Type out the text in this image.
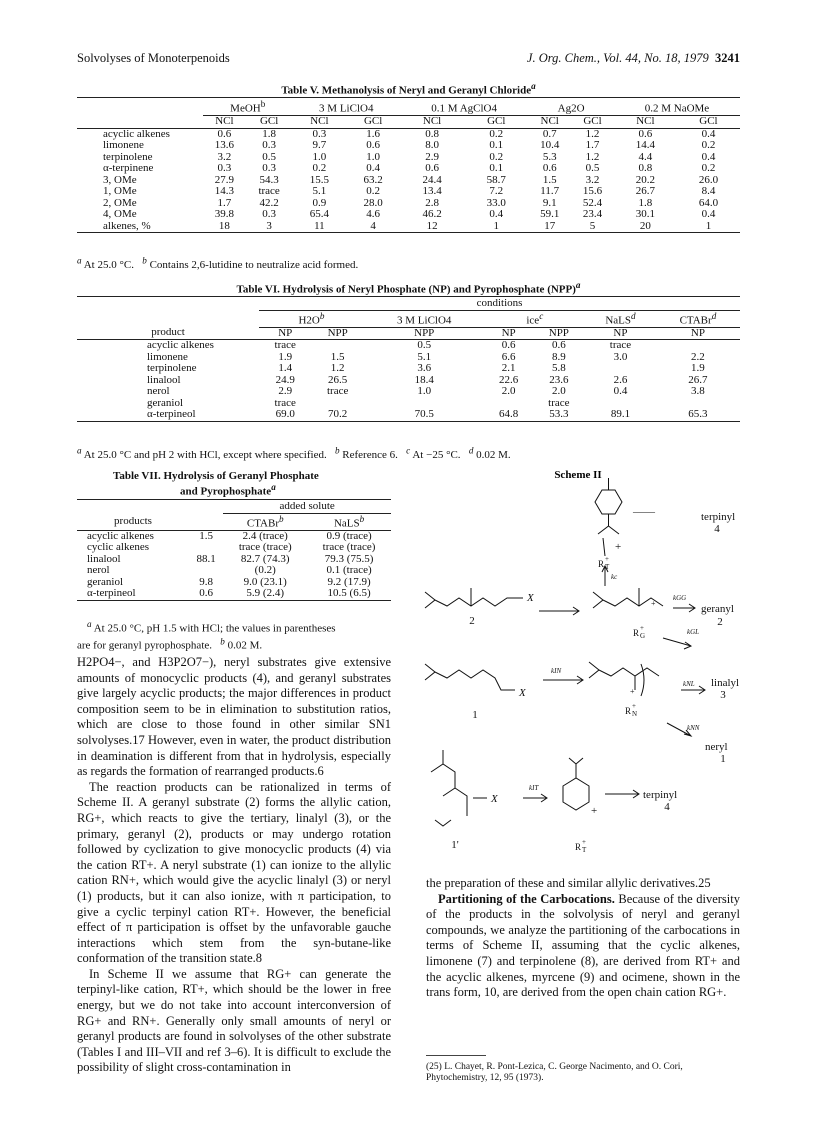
Solvolyses of Monoterpenoids	J. Org. Chem., Vol. 44, No. 18, 1979 3241
Table V. Methanolysis of Neryl and Geranyl Chloride$^a$
	MeOH$^b$		3 M LiClO4		0.1 M AgClO4		Ag2O		0.2 M NaOMe	
	NCl	GCl	NCl	GCl	NCl	GCl	NCl	GCl	NCl	GCl

acyclic alkenes	0.6	1.8	0.3	1.6	0.8	0.2	0.7	1.2	0.6	0.4
limonene	13.6	0.3	9.7	0.6	8.0	0.1	10.4	1.7	14.4	0.2
terpinolene	3.2	0.5	1.0	1.0	2.9	0.2	5.3	1.2	4.4	0.4
α-terpinene	0.3	0.3	0.2	0.4	0.6	0.1	0.6	0.5	0.8	0.2
3, OMe	27.9	54.3	15.5	63.2	24.4	58.7	1.5	3.2	20.2	26.0
1, OMe	14.3	trace	5.1	0.2	13.4	7.2	11.7	15.6	26.7	8.4
2, OMe	1.7	42.2	0.9	28.0	2.8	33.0	9.1	52.4	1.8	64.0
4, OMe	39.8	0.3	65.4	4.6	46.2	0.4	59.1	23.4	30.1	0.4
alkenes, %	18	3	11	4	12	1	17	5	20	1

$^a$ At 25.0 °C. $^b$ Contains 2,6-lutidine to neutralize acid formed.
Table VI. Hydrolysis of Neryl Phosphate (NP) and Pyrophosphate (NPP)$^a$
	conditions						
	$H2O^b$		3 M LiClO4	ice$^c$		NaLS$^d$	CTABr$^d$
product	NP	NPP	NPP	NP	NPP	NP	NP

acyclic alkenes	trace		0.5	0.6	0.6	trace	
limonene	1.9	1.5	5.1	6.6	8.9	3.0	2.2
terpinolene	1.4	1.2	3.6	2.1	5.8		1.9
linalool	24.9	26.5	18.4	22.6	23.6	2.6	26.7
nerol	2.9	trace	1.0	2.0	2.0	0.4	3.8
geraniol	trace				trace		
α-terpineol	69.0	70.2	70.5	64.8	53.3	89.1	65.3

$^a$ At 25.0 °C and pH 2 with HCl, except where specified. $^b$ Reference 6. $^c$ At −25 °C. $^d$ 0.02 M.
Table VII. Hydrolysis of Geranyl Phosphate
and Pyrophosphate$^a$
		added solute	
products		CTABr$^b$	NaLS$^b$

acyclic alkenes	1.5	2.4 (trace)	0.9 (trace)
cyclic alkenes		trace (trace)	trace (trace)
linalool	88.1	82.7 (74.3)	79.3 (75.5)
nerol		(0.2)	0.1 (trace)
geraniol	9.8	9.0 (23.1)	9.2 (17.9)
α-terpineol	0.6	5.9 (2.4)	10.5 (6.5)

$^a$ At 25.0 °C, pH 1.5 with HCl; the values in parentheses
are for geranyl pyrophosphate. $^b$ 0.02 M.

H2PO4−, and H3P2O7−), neryl substrates give extensive amounts of monocyclic products (4), and geranyl substrates give largely acyclic products; the major differences in product composition seem to be in elimination to substitution ratios, which are close to those found in other similar SN1 solvolyses.17 However, even in water, the product distribution in deamination is different from that in hydrolysis, especially as regards the formation of rearranged products.6

The reaction products can be rationalized in terms of Scheme II. A geranyl substrate (2) forms the allylic cation, RG+, which reacts to give the tertiary, linalyl (3), or the primary, geranyl (2), products or may undergo rotation followed by cyclization to give monocyclic products (4) via the cation RT+. A neryl substrate (1) can ionize to the allylic cation RN+, which would give the acyclic linalyl (3) or neryl (1) products, but it can also ionize, with π participation, to give a cyclic terpinyl cation RT+. However, the beneficial effect of π participation is offset by the unfavorable gauche interactions which stem from the syn-butane-like conformation of the transition state.8

In Scheme II we assume that RG+ can generate the terpinyl-like cation, RT+, which should be the lower in free energy, but we do not take into account interconversion of RG+ and RN+. Generally only small amounts of neryl or geranyl products are found in solvolyses of the other substrate (Tables I and III–VII and ref 3–6). It is difficult to exclude the possibility of slight cross-contamination in

the preparation of these and similar allylic derivatives.25

Partitioning of the Carbocations. Because of the diversity of the products in the solvolysis of neryl and geranyl compounds, we analyze the partitioning of the carbocations in terms of Scheme II, assuming that the cyclic alkenes, limonene (7) and terpinolene (8), are derived from RT+ and the acyclic alkenes, myrcene (9) and ocimene, shown in the trans form, 10, are derived from the open chain cation RG+.

(25) L. Chayet, R. Pont-Lezica, C. George Nacimento, and O. Cori, Phytochemistry, 12, 95 (1973).
Scheme II
+
R T
+
kc
——	terpinyl
4
X
2
+
kGG
geranyl
2
R G
+	kGL
kIN
X	+
kNL linalyl
3
R N
+
1
kNN
neryl
1
X
kIT
+
terpinyl
4
1'	R T
+
